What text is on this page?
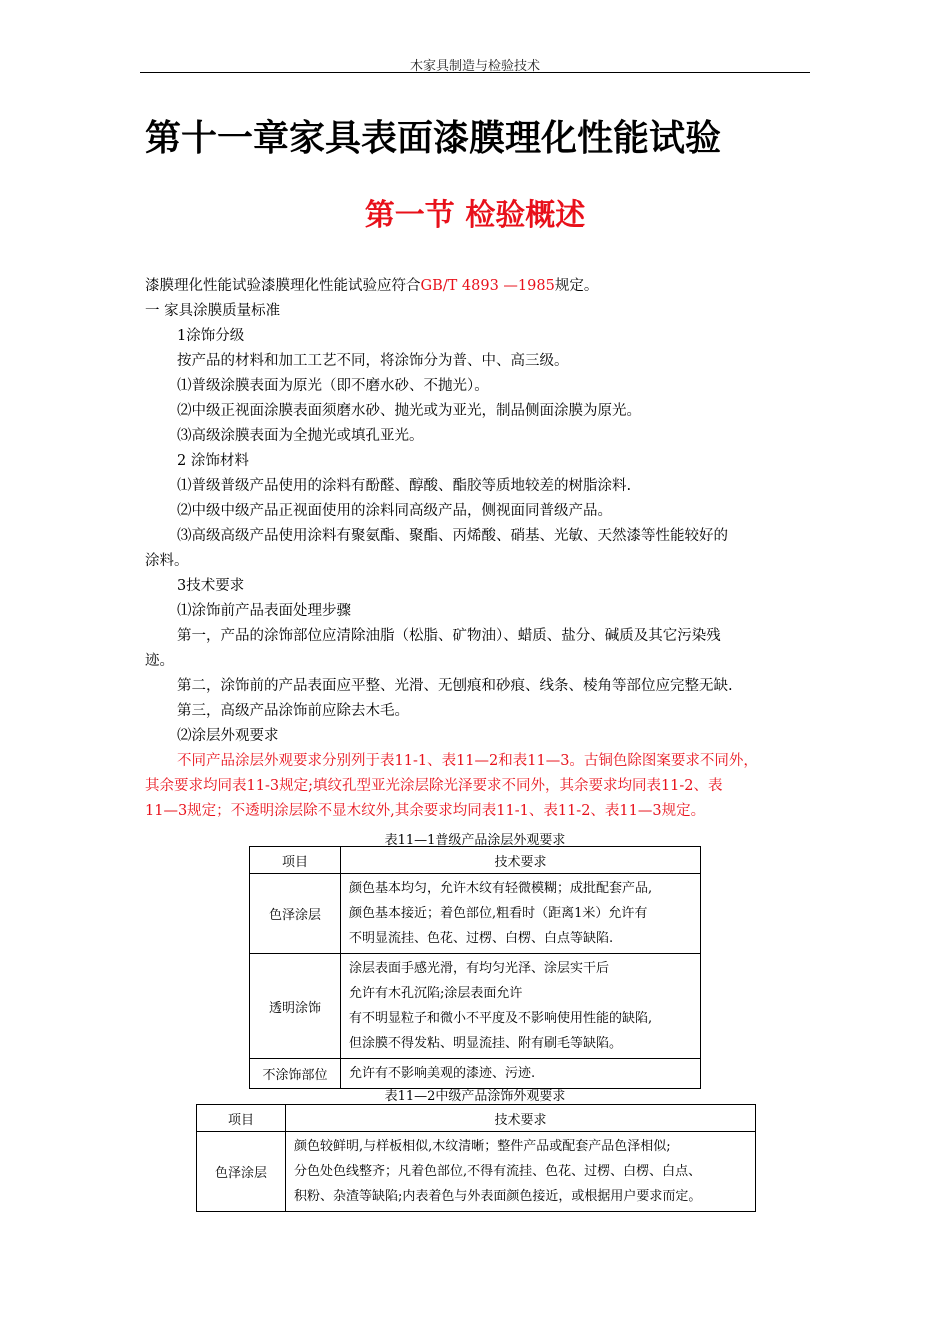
木家具制造与检验技术
第十一章家具表面漆膜理化性能试验
第一节 检验概述

漆膜理化性能试验漆膜理化性能试验应符合GB/T 4893 —1985规定。

一 家具涂膜质量标准

1涂饰分级

按产品的材料和加工工艺不同，将涂饰分为普、中、高三级。

⑴普级涂膜表面为原光（即不磨水砂、不抛光）。

⑵中级正视面涂膜表面须磨水砂、抛光或为亚光，制品侧面涂膜为原光。

⑶高级涂膜表面为全抛光或填孔亚光。

2 涂饰材料

⑴普级普级产品使用的涂料有酚醛、醇酸、酯胶等质地较差的树脂涂料.

⑵中级中级产品正视面使用的涂料同高级产品，侧视面同普级产品。

⑶高级高级产品使用涂料有聚氨酯、聚酯、丙烯酸、硝基、光敏、天然漆等性能较好的

涂料。

3技术要求

⑴涂饰前产品表面处理步骤

第一，产品的涂饰部位应清除油脂（松脂、矿物油）、蜡质、盐分、碱质及其它污染残

迹。

第二，涂饰前的产品表面应平整、光滑、无刨痕和砂痕、线条、棱角等部位应完整无缺.

第三，高级产品涂饰前应除去木毛。

⑵涂层外观要求

不同产品涂层外观要求分别列于表11-1、表11—2和表11—3。古铜色除图案要求不同外，

其余要求均同表11-3规定;填纹孔型亚光涂层除光泽要求不同外，其余要求均同表11-2、表

11—3规定；不透明涂层除不显木纹外,其余要求均同表11-1、表11-2、表11—3规定。

表11—1普级产品涂层外观要求
项目	技术要求
色泽涂层	颜色基本均匀，允许木纹有轻微模糊；成批配套产品,
颜色基本接近；着色部位,粗看时（距离1米）允许有
不明显流挂、色花、过楞、白楞、白点等缺陷.

透明涂饰	涂层表面手感光滑，有均匀光泽、涂层实干后
允许有木孔沉陷;涂层表面允许
有不明显粒子和微小不平度及不影响使用性能的缺陷,
但涂膜不得发粘、明显流挂、附有刷毛等缺陷。

不涂饰部位	允许有不影响美观的漆迹、污迹.
表11—2中级产品涂饰外观要求
项目	技术要求
色泽涂层	颜色较鲜明,与样板相似,木纹清晰；整件产品或配套产品色泽相似;
分色处色线整齐；凡着色部位,不得有流挂、色花、过楞、白楞、白点、
积粉、杂渣等缺陷;内表着色与外表面颜色接近，或根据用户要求而定。
